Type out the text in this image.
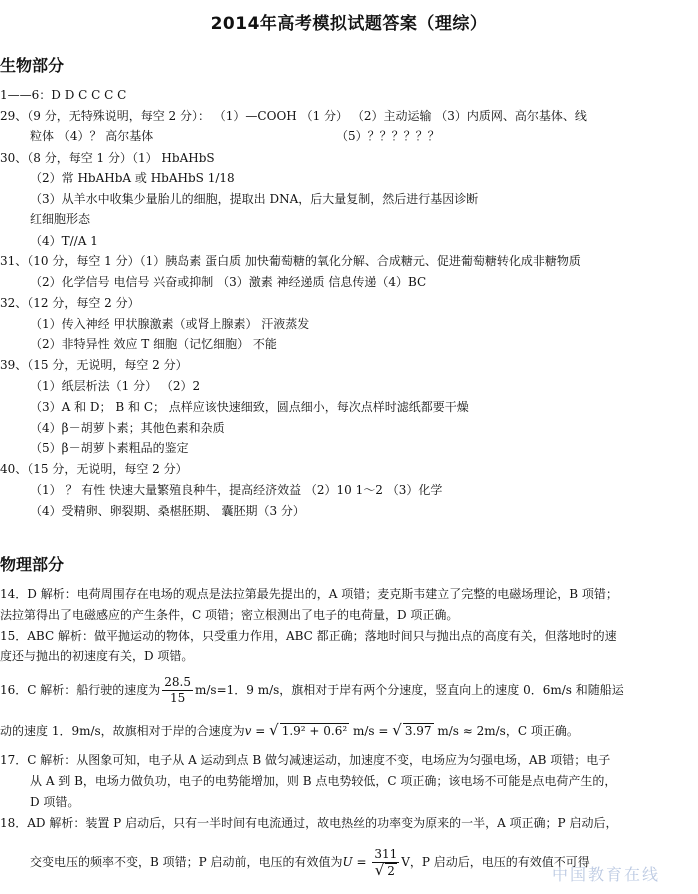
2014年高考模拟试题答案（理综）
生物部分
1——6：D D C C C C
29、（9 分，无特殊说明，每空 2 分）： （1）—COOH （1 分） （2）主动运输 （3）内质网、高尔基体、线
粒体 （4）？ 高尔基体	（5）？？？？？？
30、（8 分，每空 1 分）（1） HbAHbS
（2）常 HbAHbA 或 HbAHbS 1/18
（3）从羊水中收集少量胎儿的细胞，提取出 DNA，后大量复制，然后进行基因诊断
红细胞形态
（4）T//A 1
31、（10 分，每空 1 分）（1）胰岛素 蛋白质 加快葡萄糖的氧化分解、合成糖元、促进葡萄糖转化成非糖物质
（2）化学信号 电信号 兴奋或抑制 （3）激素 神经递质 信息传递（4）BC
32、（12 分，每空 2 分）
（1）传入神经 甲状腺激素（或肾上腺素） 汗液蒸发
（2）非特异性 效应 T 细胞（记忆细胞） 不能
39、（15 分，无说明，每空 2 分）
（1）纸层析法（1 分） （2）2
（3）A 和 D； B 和 C； 点样应该快速细致，圆点细小，每次点样时滤纸都要干燥
（4）β－胡萝卜素；其他色素和杂质
（5）β－胡萝卜素粗品的鉴定
40、（15 分，无说明，每空 2 分）
（1） ？ 有性 快速大量繁殖良种牛，提高经济效益 （2）10 1～2 （3）化学
（4）受精卵、卵裂期、桑椹胚期、 囊胚期（3 分）
物理部分
14．D 解析：电荷周围存在电场的观点是法拉第最先提出的，A 项错；麦克斯韦建立了完整的电磁场理论，B 项错；
法拉第得出了电磁感应的产生条件，C 项错；密立根测出了电子的电荷量，D 项正确。
15．ABC 解析：做平抛运动的物体，只受重力作用，ABC 都正确；落地时间只与抛出点的高度有关，但落地时的速
度还与抛出的初速度有关，D 项错。
16．C 解析：船行驶的速度为 $\frac{28.5}{15} m/s=1$．9 m/s，旗相对于岸有两个分速度，竖直向上的速度 0．6m/s 和随船运
动的速度 1．9m/s，故旗相对于岸的合速度为v = √ 1.9² + 0.6² m/s = √ 3.97 m/s ≈ 2m/s，C 项正确。
17．C 解析：从图象可知，电子从 A 运动到点 B 做匀减速运动，加速度不变，电场应为匀强电场，AB 项错；电子
从 A 到 B，电场力做负功，电子的电势能增加，则 B 点电势较低，C 项正确；该电场不可能是点电荷产生的，
D 项错。
18．AD 解析：装置 P 启动后，只有一半时间有电流通过，故电热丝的功率变为原来的一半，A 项正确；P 启动后，
交变电压的频率不变，B 项错；P 启动前，电压的有效值为$U = \frac{311}{√ 2}$ V，P 启动后，电压的有效值不可得
中国教育在线
